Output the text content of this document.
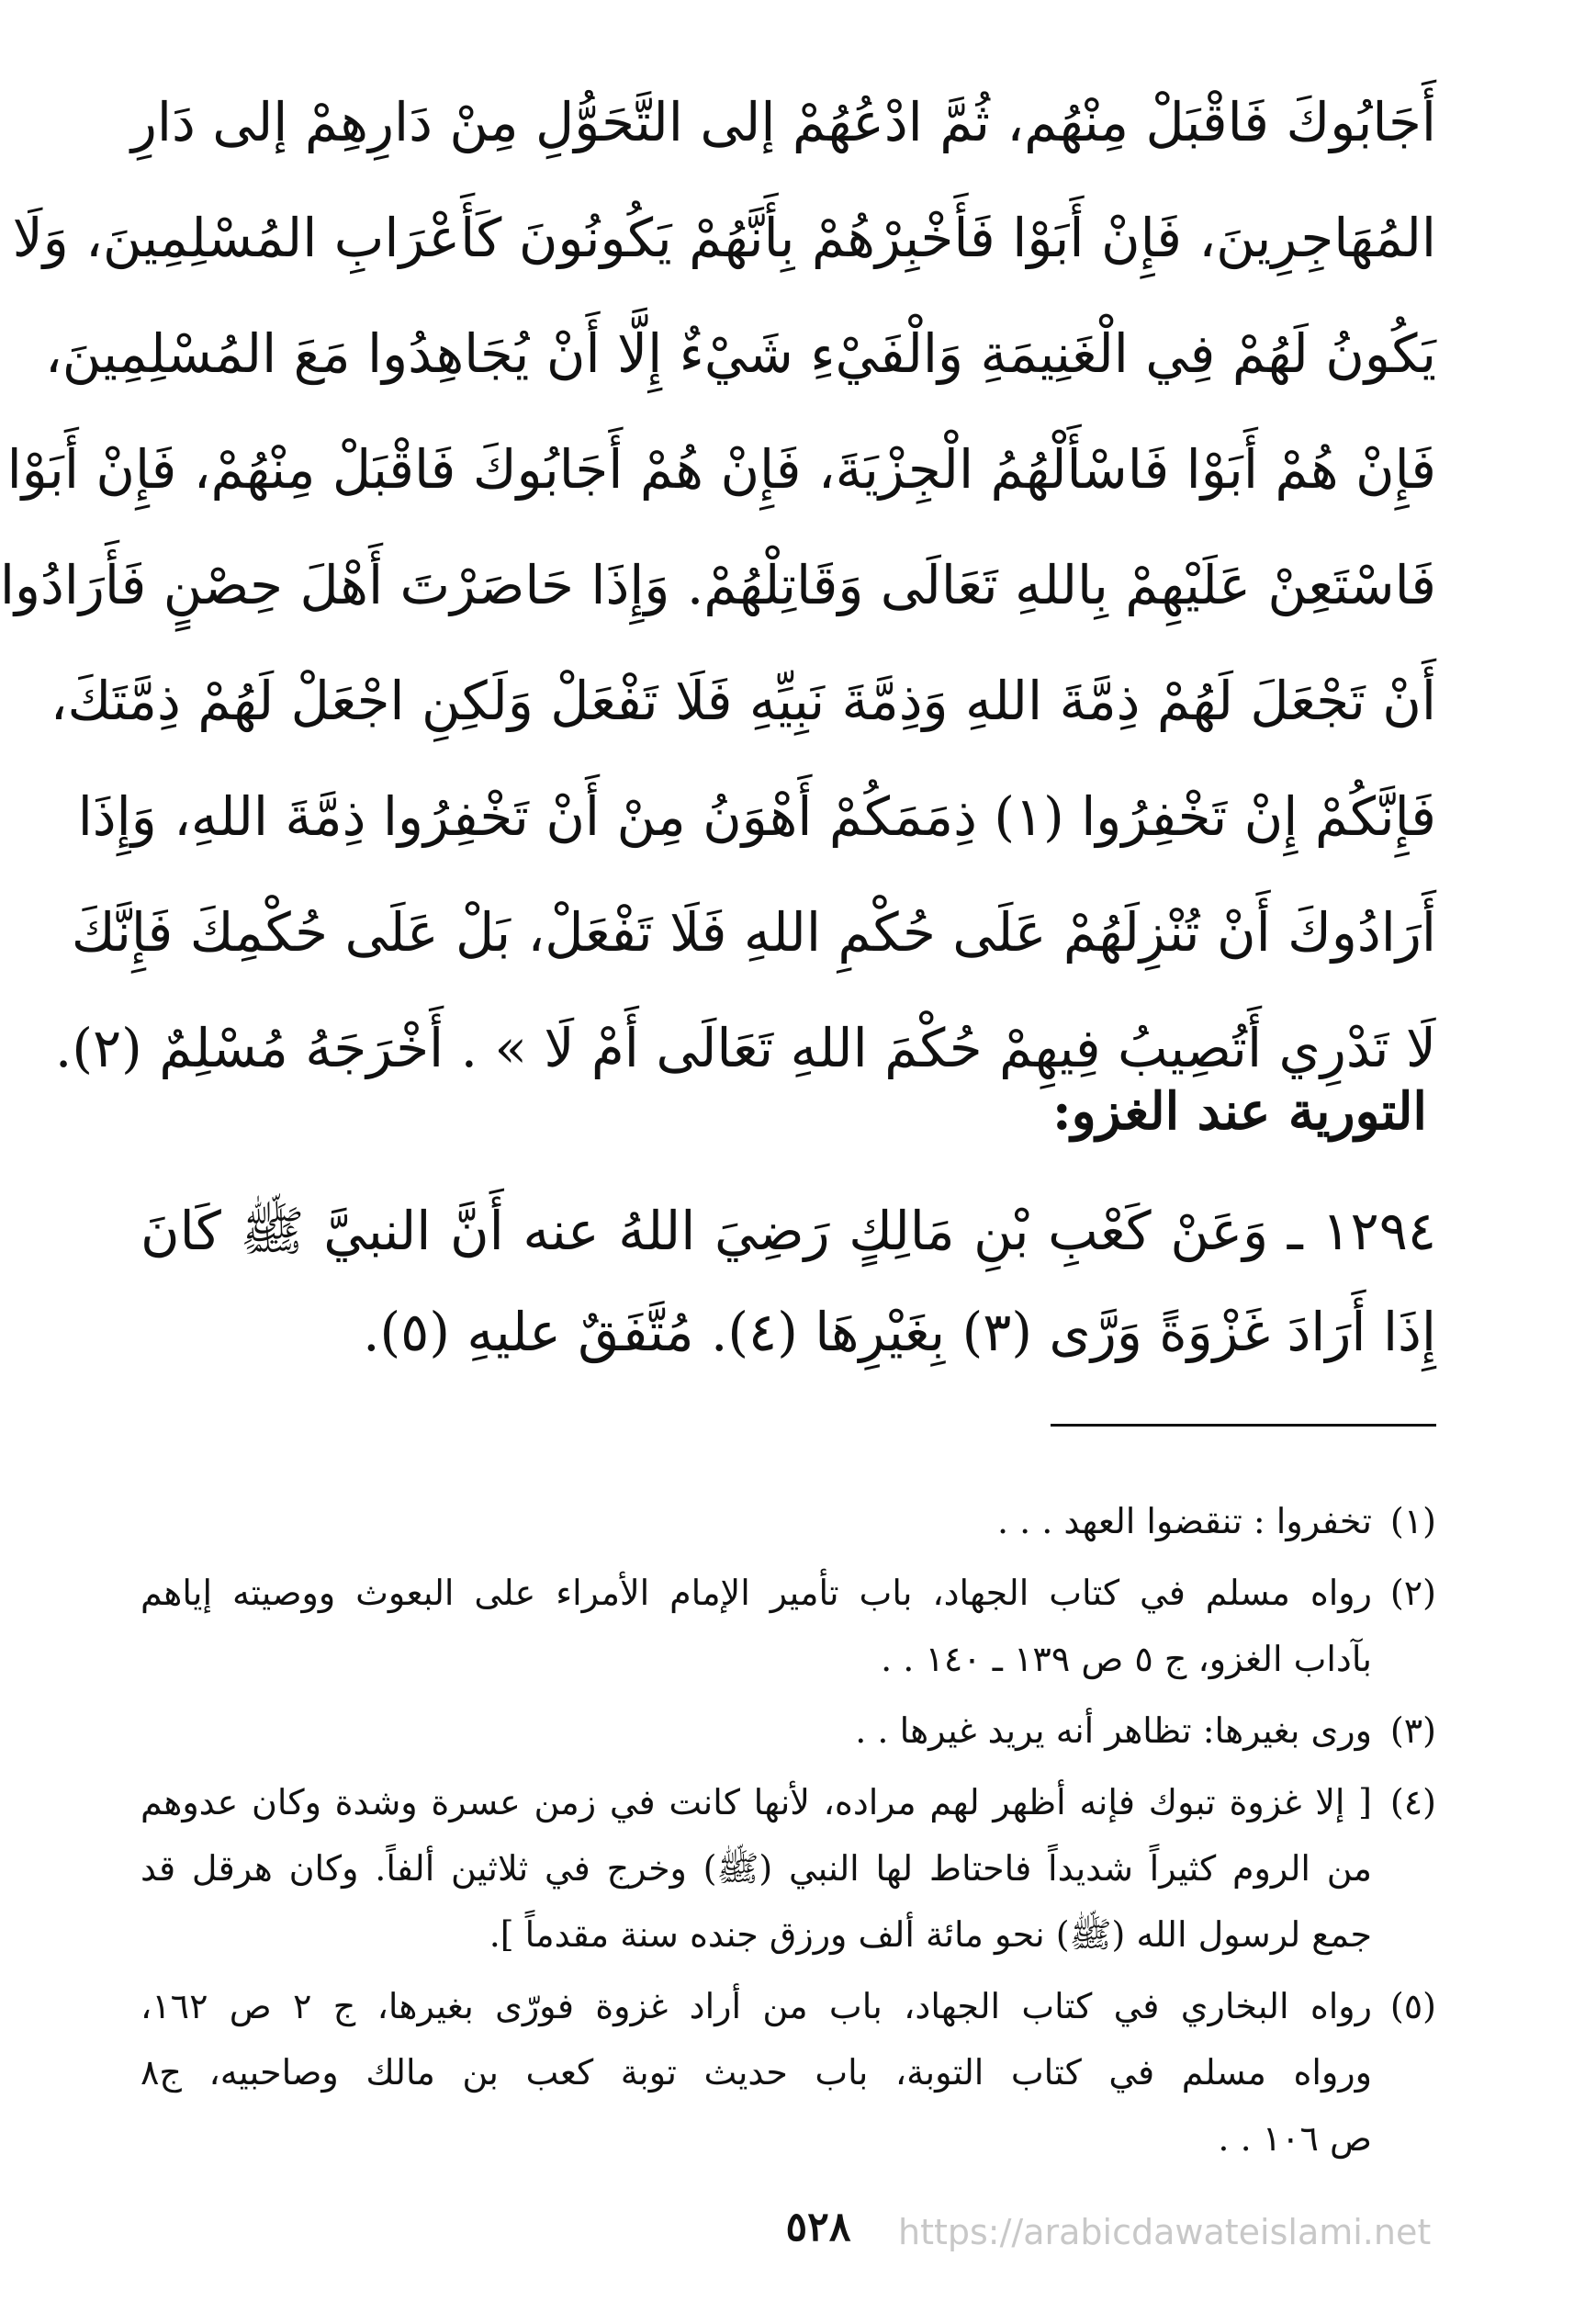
أَجَابُوكَ فَاقْبَلْ مِنْهُم، ثُمَّ ادْعُهُمْ إلى التَّحَوُّلِ مِنْ دَارِهِمْ إلى دَارِ
المُهَاجِرِينَ، فَإِنْ أَبَوْا فَأَخْبِرْهُمْ بِأَنَّهُمْ يَكُونُونَ كَأَعْرَابِ المُسْلِمِينَ، وَلَا
يَكُونُ لَهُمْ فِي الْغَنِيمَةِ وَالْفَيْءِ شَيْءٌ إِلَّا أَنْ يُجَاهِدُوا مَعَ المُسْلِمِينَ،
فَإِنْ هُمْ أَبَوْا فَاسْأَلْهُمُ الْجِزْيَةَ، فَإِنْ هُمْ أَجَابُوكَ فَاقْبَلْ مِنْهُمْ، فَإِنْ أَبَوْا
فَاسْتَعِنْ عَلَيْهِمْ بِاللهِ تَعَالَى وَقَاتِلْهُمْ. وَإِذَا حَاصَرْتَ أَهْلَ حِصْنٍ فَأَرَادُوا
أَنْ تَجْعَلَ لَهُمْ ذِمَّةَ اللهِ وَذِمَّةَ نَبِيِّهِ فَلَا تَفْعَلْ وَلَكِنِ اجْعَلْ لَهُمْ ذِمَّتَكَ،
فَإِنَّكُمْ إِنْ تَخْفِرُوا (١) ذِمَمَكُمْ أَهْوَنُ مِنْ أَنْ تَخْفِرُوا ذِمَّةَ اللهِ، وَإِذَا
أَرَادُوكَ أَنْ تُنْزِلَهُمْ عَلَى حُكْمِ اللهِ فَلَا تَفْعَلْ، بَلْ عَلَى حُكْمِكَ فَإِنَّكَ
لَا تَدْرِي أَتُصِيبُ فِيهِمْ حُكْمَ اللهِ تَعَالَى أَمْ لَا » . أَخْرَجَهُ مُسْلِمٌ (٢).
التورية عند الغزو:
١٢٩٤ ـ وَعَنْ كَعْبِ بْنِ مَالِكٍ رَضِيَ اللهُ عنه أَنَّ النبيَّ ﷺ كَانَ
إِذَا أَرَادَ غَزْوَةً وَرَّى (٣) بِغَيْرِهَا (٤). مُتَّفَقٌ عليهِ (٥).
(١)
تخفروا : تنقضوا العهد . . .
(٢)
رواه مسلم في كتاب الجهاد، باب تأمير الإمام الأمراء على البعوث ووصيته إياهم
بآداب الغزو، ج ٥ ص ١٣٩ ـ ١٤٠ . .
(٣)
ورى بغيرها: تظاهر أنه يريد غيرها . .
(٤)
[ إلا غزوة تبوك فإنه أظهر لهم مراده، لأنها كانت في زمن عسرة وشدة وكان عدوهم
من الروم كثيراً شديداً فاحتاط لها النبي (ﷺ) وخرج في ثلاثين ألفاً. وكان هرقل قد
جمع لرسول الله (ﷺ) نحو مائة ألف ورزق جنده سنة مقدماً ].
(٥)
رواه البخاري في كتاب الجهاد، باب من أراد غزوة فورّى بغيرها، ج ٢ ص ١٦٢،
ورواه مسلم في كتاب التوبة، باب حديث توبة كعب بن مالك وصاحبيه، ج٨
ص ١٠٦ . .
٥٢٨	https://arabicdawateislami.net
